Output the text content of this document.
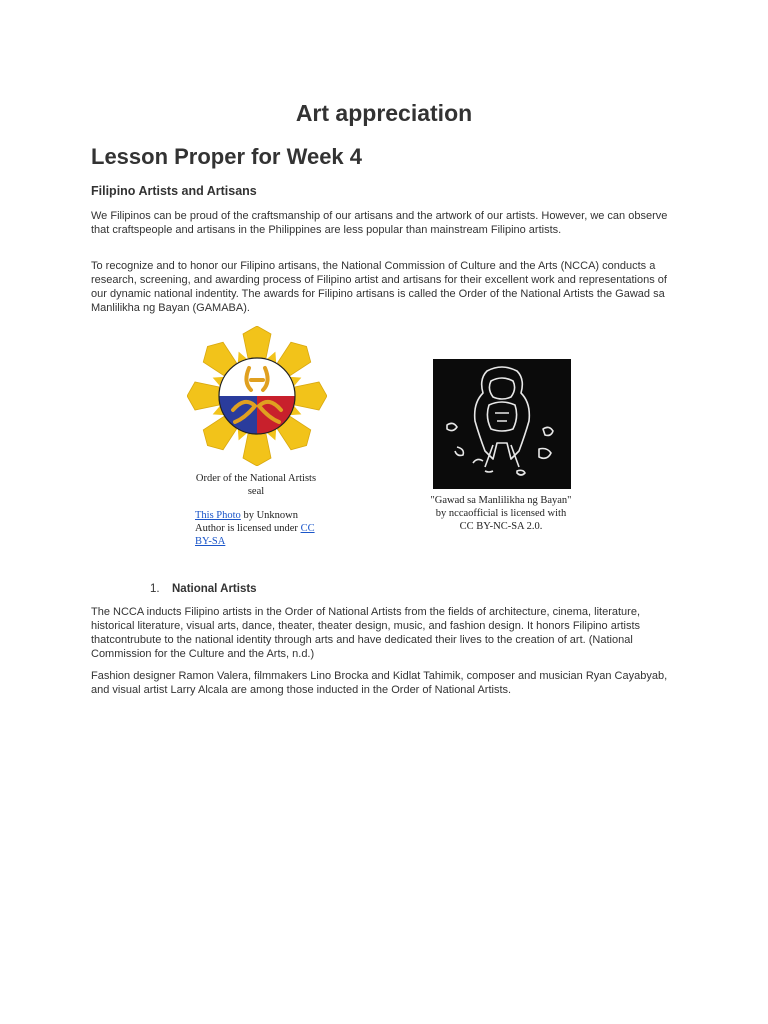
Art appreciation
Lesson Proper for Week 4
Filipino Artists and Artisans

We Filipinos can be proud of the craftsmanship of our artisans and the artwork of our artists. However, we can observe that craftspeople and artisans in the Philippines are less popular than mainstream Filipino artists.

To recognize and to honor our Filipino artisans, the National Commission of Culture and the Arts (NCCA) conducts a research, screening, and awarding process of Filipino artist and artisans for their excellent work and representations of our dynamic national indentity. The awards for Filipino artisans is called the Order of the National Artists the Gawad sa Manlilikha ng Bayan (GAMABA).

Order of the National Artists seal

This Photo by Unknown Author is licensed under CC BY-SA

"Gawad sa Manlilikha ng Bayan" by nccaofficial is licensed with CC BY-NC-SA 2.0.

1. National Artists

The NCCA inducts Filipino artists in the Order of National Artists from the fields of architecture, cinema, literature, historical literature, visual arts, dance, theater, theater design, music, and fashion design. It honors Filipino artists thatcontrubute to the national identity through arts and have dedicated their lives to the creation of art. (National Commission for the Culture and the Arts, n.d.)

Fashion designer Ramon Valera, filmmakers Lino Brocka and Kidlat Tahimik, composer and musician Ryan Cayabyab, and visual artist Larry Alcala are among those inducted in the Order of National Artists.
